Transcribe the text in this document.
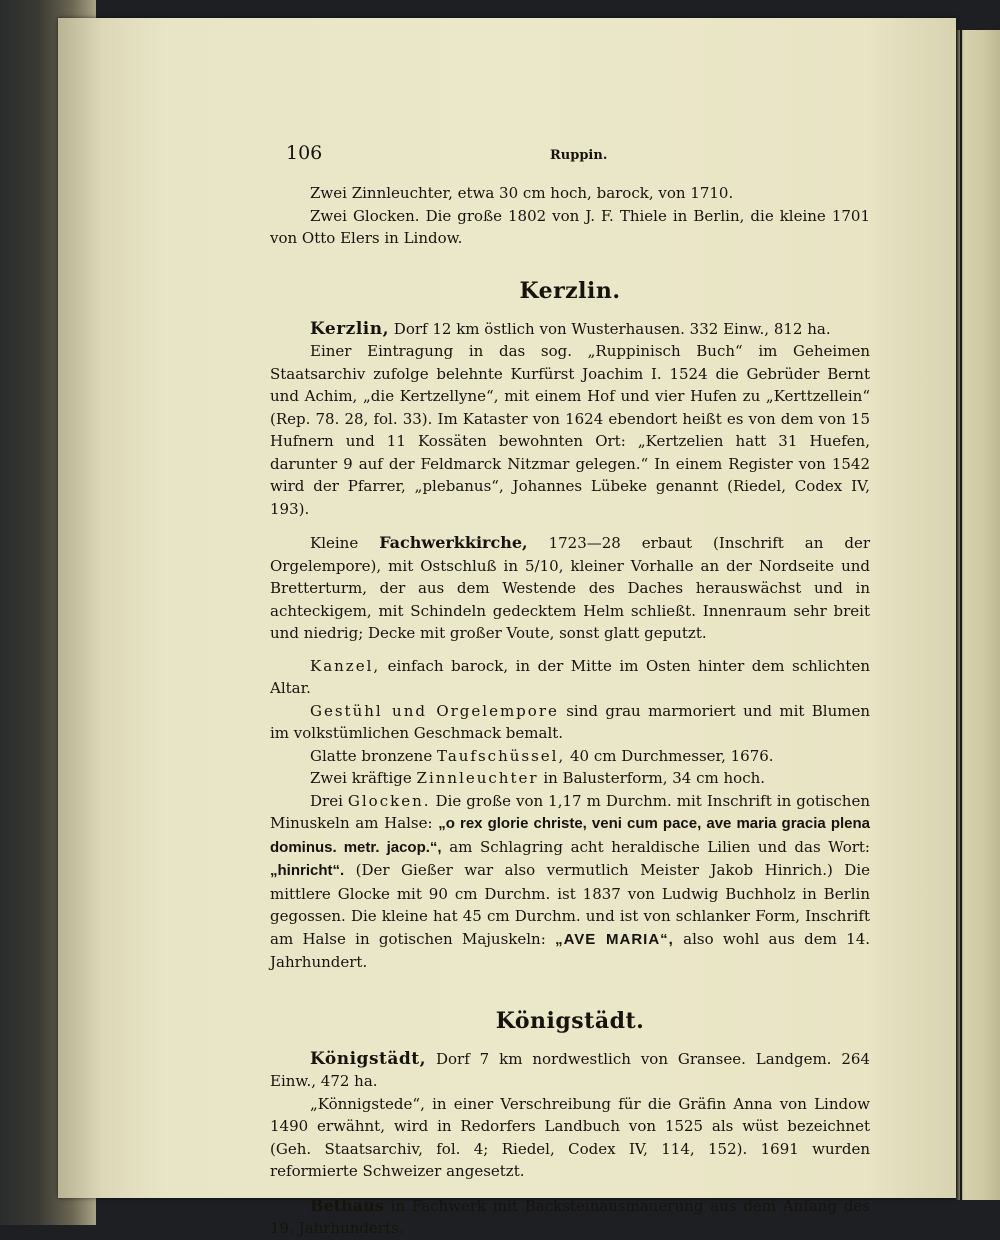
106	Ruppin.

Zwei Zinnleuchter, etwa 30 cm hoch, barock, von 1710.

Zwei Glocken. Die große 1802 von J. F. Thiele in Berlin, die kleine 1701 von Otto Elers in Lindow.

Kerzlin.

Kerzlin, Dorf 12 km östlich von Wusterhausen. 332 Einw., 812 ha.

Einer Eintragung in das sog. „Ruppinisch Buch“ im Geheimen Staatsarchiv zufolge belehnte Kurfürst Joachim I. 1524 die Gebrüder Bernt und Achim, „die Kertzellyne“, mit einem Hof und vier Hufen zu „Kerttzellein“ (Rep. 78. 28, fol. 33). Im Kataster von 1624 ebendort heißt es von dem von 15 Hufnern und 11 Kossäten bewohnten Ort: „Kertzelien hatt 31 Huefen, darunter 9 auf der Feldmarck Nitzmar gelegen.“ In einem Register von 1542 wird der Pfarrer, „plebanus“, Johannes Lübeke genannt (Riedel, Codex IV, 193).

Kleine Fachwerkkirche, 1723—28 erbaut (Inschrift an der Orgelempore), mit Ostschluß in 5/10, kleiner Vorhalle an der Nordseite und Bretterturm, der aus dem Westende des Daches herauswächst und in achteckigem, mit Schindeln gedecktem Helm schließt. Innenraum sehr breit und niedrig; Decke mit großer Voute, sonst glatt geputzt.

Kanzel, einfach barock, in der Mitte im Osten hinter dem schlichten Altar.

Gestühl und Orgelempore sind grau marmoriert und mit Blumen im volkstümlichen Geschmack bemalt.

Glatte bronzene Taufschüssel, 40 cm Durchmesser, 1676.

Zwei kräftige Zinnleuchter in Balusterform, 34 cm hoch.

Drei Glocken. Die große von 1,17 m Durchm. mit Inschrift in gotischen Minuskeln am Halse: „o rex glorie christe, veni cum pace, ave maria gracia plena dominus. metr. jacop.“, am Schlagring acht heraldische Lilien und das Wort: „hinricht“. (Der Gießer war also vermutlich Meister Jakob Hinrich.) Die mittlere Glocke mit 90 cm Durchm. ist 1837 von Ludwig Buchholz in Berlin gegossen. Die kleine hat 45 cm Durchm. und ist von schlanker Form, Inschrift am Halse in gotischen Majuskeln: „AVE MARIA“, also wohl aus dem 14. Jahrhundert.

Königstädt.

Königstädt, Dorf 7 km nordwestlich von Gransee. Landgem. 264 Einw., 472 ha.

„Könnigstede“, in einer Verschreibung für die Gräfin Anna von Lindow 1490 erwähnt, wird in Redorfers Landbuch von 1525 als wüst bezeichnet (Geh. Staatsarchiv, fol. 4; Riedel, Codex IV, 114, 152). 1691 wurden reformierte Schweizer angesetzt.

Bethaus in Fachwerk mit Backsteinausmauerung aus dem Anfang des 19. Jahrhunderts.
